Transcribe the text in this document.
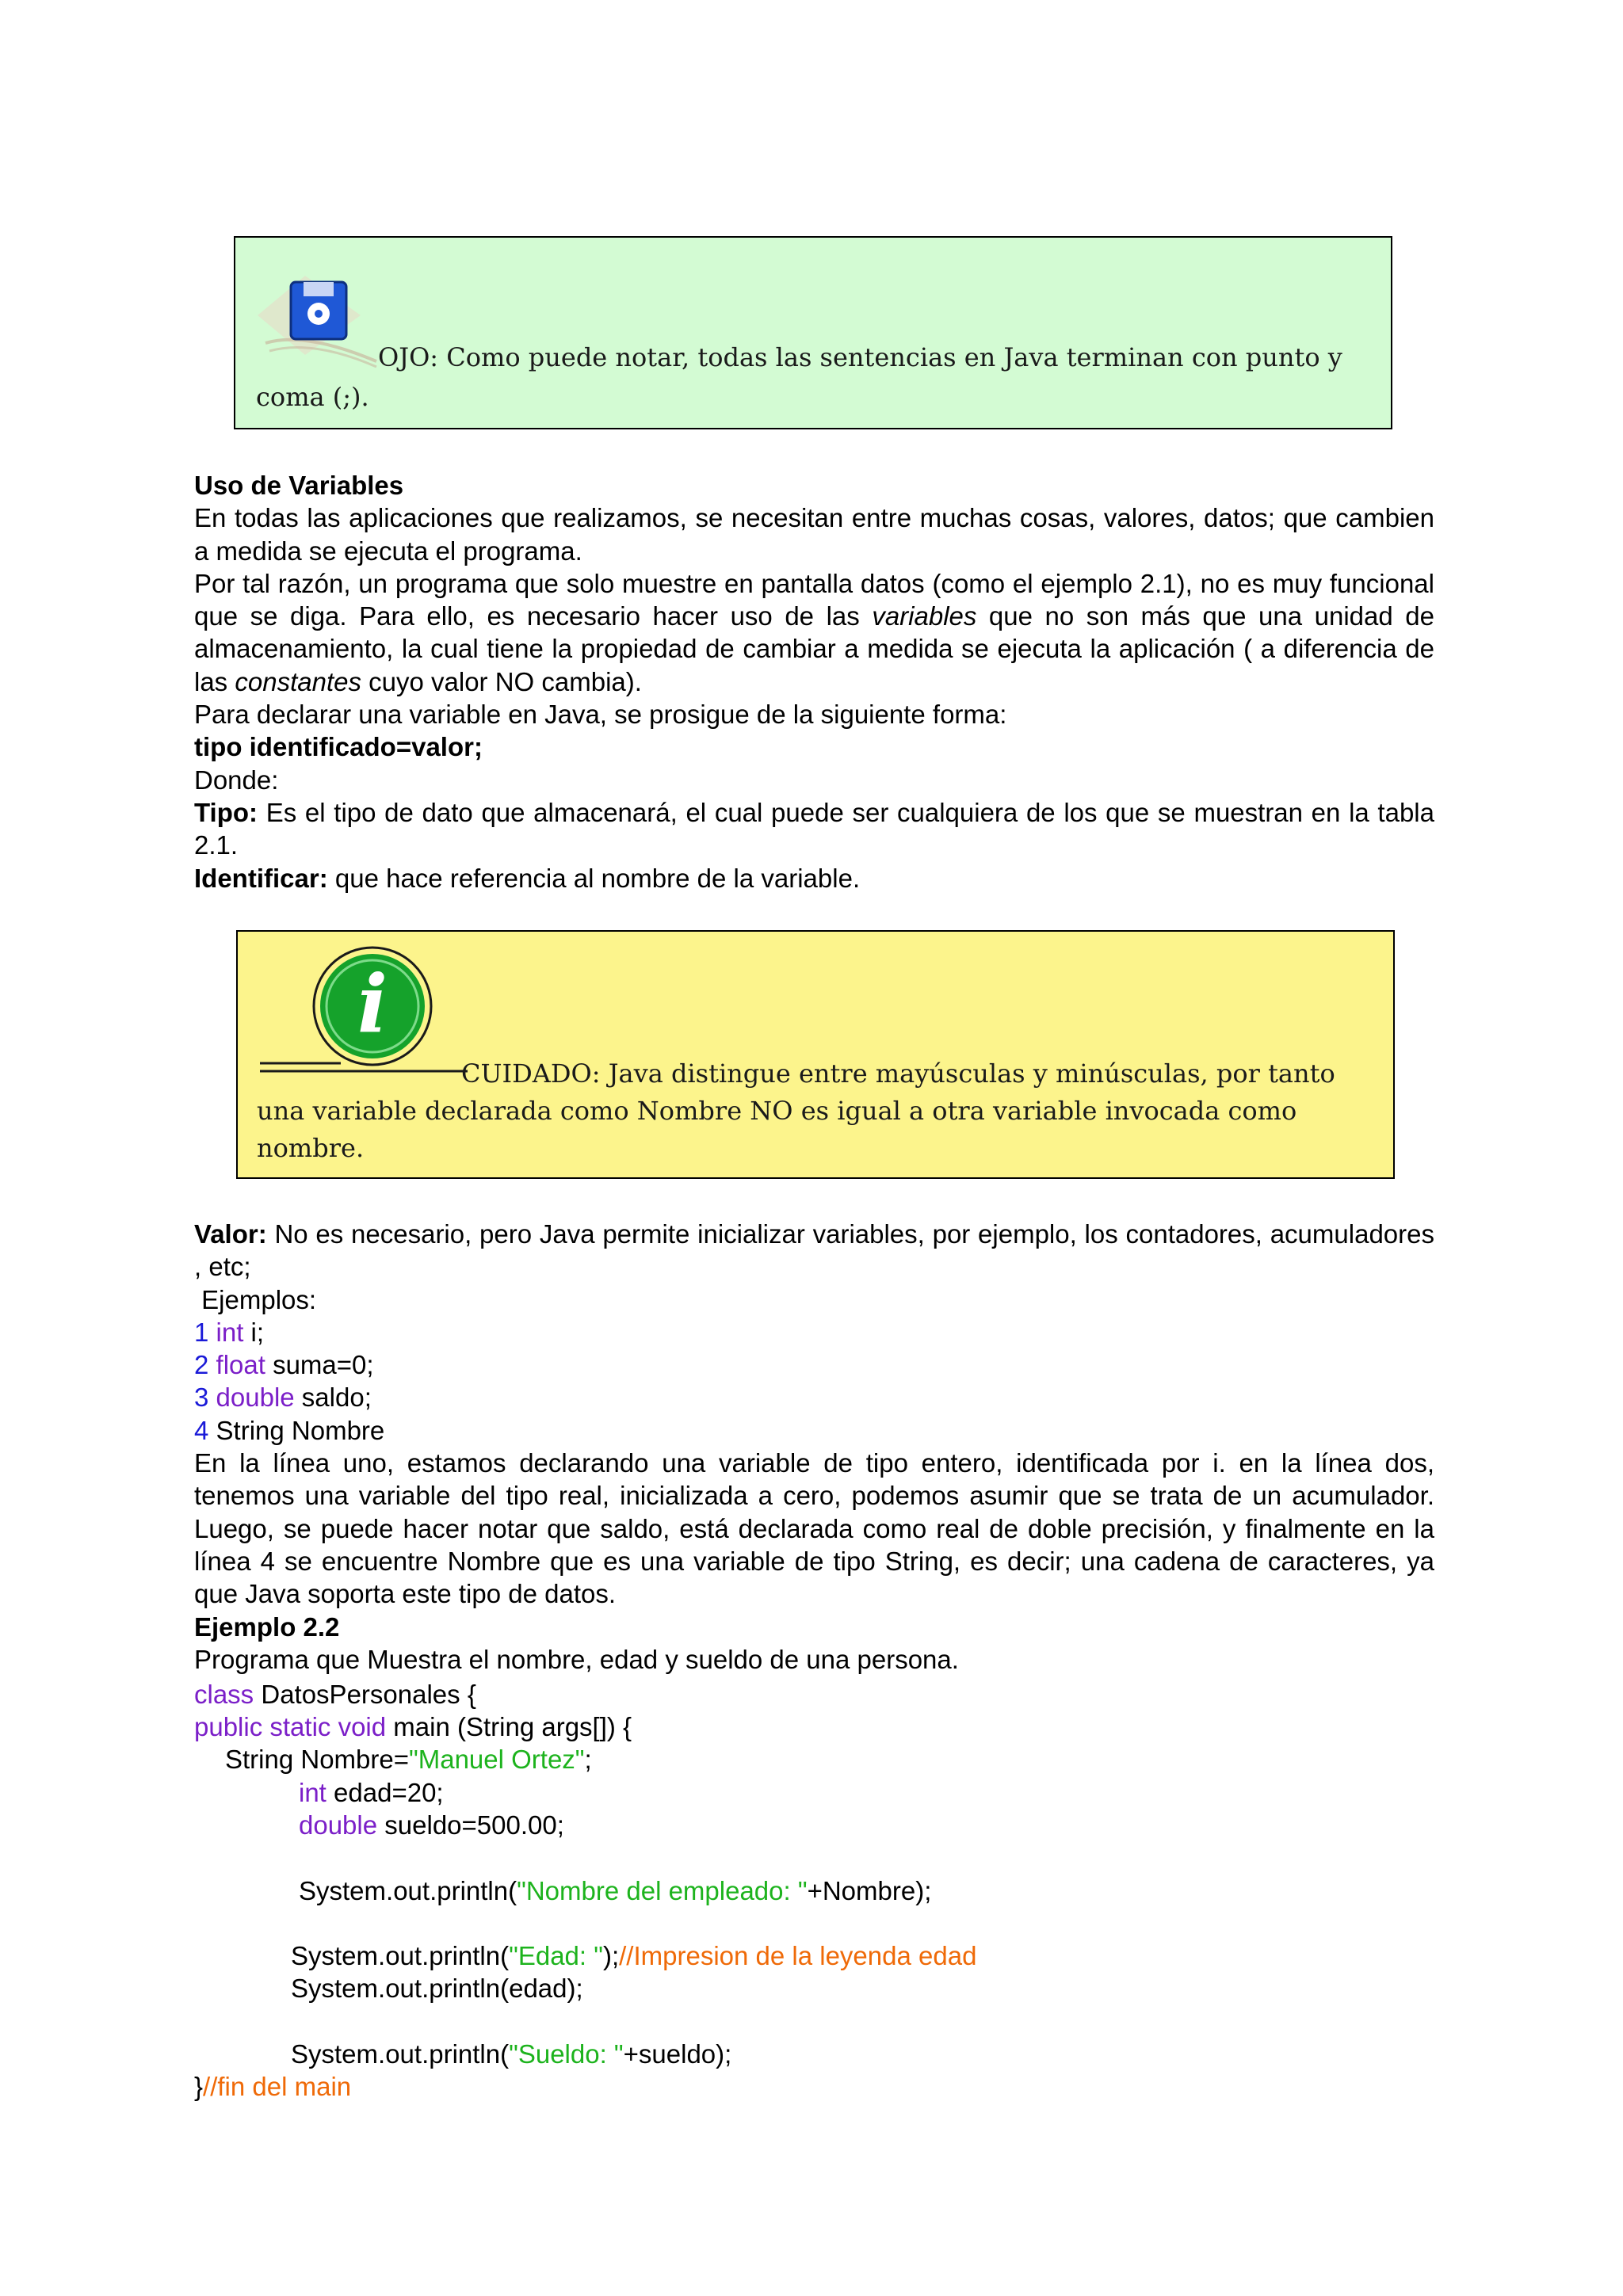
OJO: Como puede notar, todas las sentencias en Java terminan con punto y
coma (;).

Uso de Variables

En todas las aplicaciones que realizamos, se necesitan entre muchas cosas, valores, datos; que cambien a medida se ejecuta el programa.

Por tal razón, un programa que solo muestre en pantalla datos (como el ejemplo 2.1), no es muy funcional que se diga. Para ello, es necesario hacer uso de las variables que no son más que una unidad de almacenamiento, la cual tiene la propiedad de cambiar a medida se ejecuta la aplicación ( a diferencia de las constantes cuyo valor NO cambia).

Para declarar una variable en Java, se prosigue de la siguiente forma:

tipo identificado=valor;

Donde:

Tipo: Es el tipo de dato que almacenará, el cual puede ser cualquiera de los que se muestran en la tabla 2.1.

Identificar: que hace referencia al nombre de la variable.

i
CUIDADO: Java distingue entre mayúsculas y minúsculas, por tanto
una variable declarada como Nombre NO es igual a otra variable invocada como
nombre.

Valor: No es necesario, pero Java permite inicializar variables, por ejemplo, los contadores, acumuladores , etc;

Ejemplos:

1 int i;

2 float suma=0;

3 double saldo;

4 String Nombre

En la línea uno, estamos declarando una variable de tipo entero, identificada por i. en la línea dos, tenemos una variable del tipo real, inicializada a cero, podemos asumir que se trata de un acumulador. Luego, se puede hacer notar que saldo, está declarada como real de doble precisión, y finalmente en la línea 4 se encuentre Nombre que es una variable de tipo String, es decir; una cadena de caracteres, ya que Java soporta este tipo de datos.

Ejemplo 2.2

Programa que Muestra el nombre, edad y sueldo de una persona.

class DatosPersonales {

public static void main (String args[]) {

String Nombre="Manuel Ortez";

int edad=20;

double sueldo=500.00;

System.out.println("Nombre del empleado: "+Nombre);

System.out.println("Edad: ");//Impresion de la leyenda edad

System.out.println(edad);

System.out.println("Sueldo: "+sueldo);

}//fin del main
